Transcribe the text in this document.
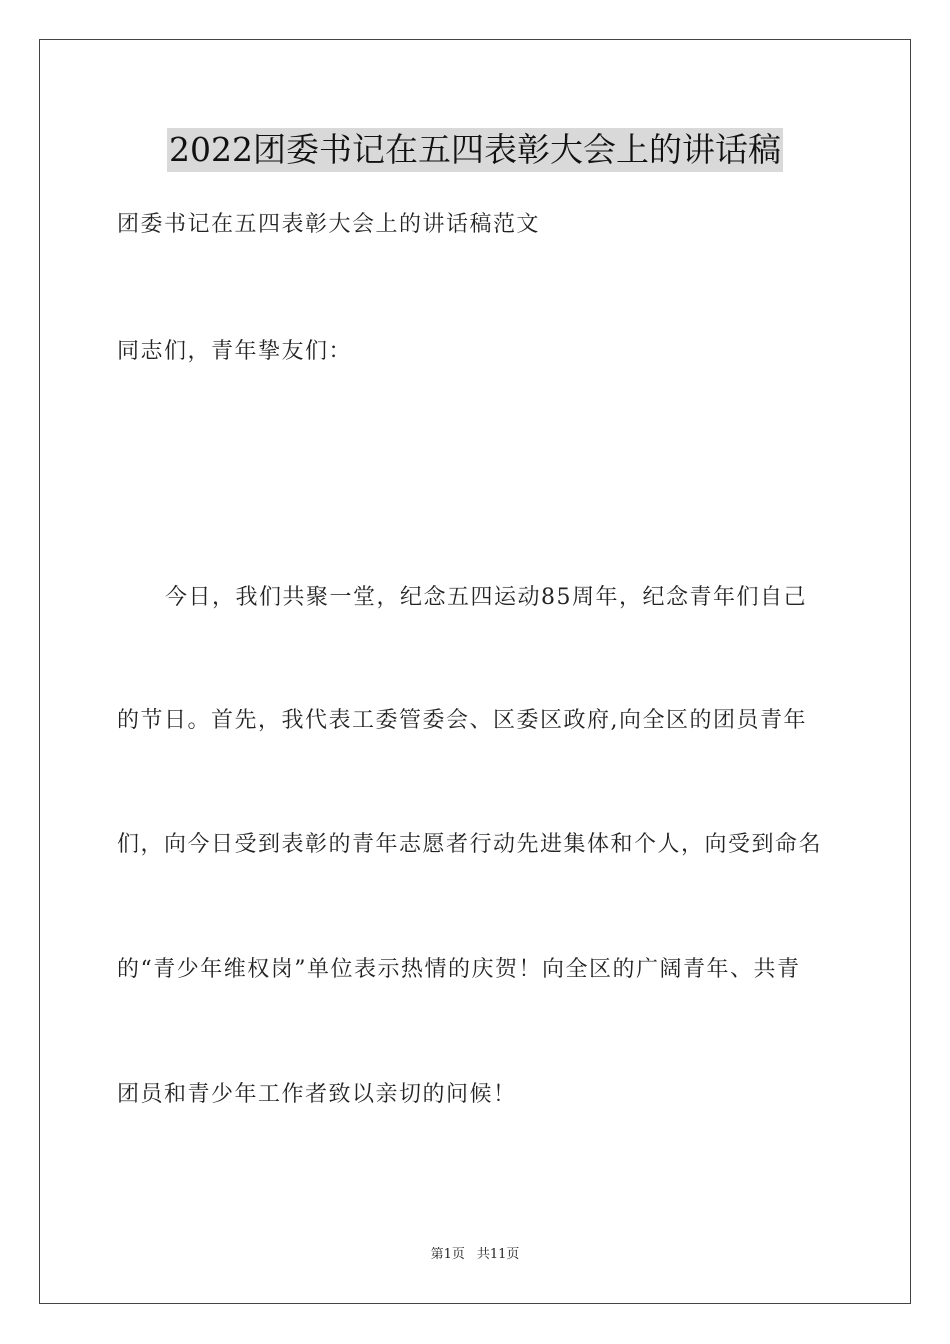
2022团委书记在五四表彰大会上的讲话稿
团委书记在五四表彰大会上的讲话稿范文
同志们，青年挚友们：
今日，我们共聚一堂，纪念五四运动85周年，纪念青年们自己
的节日。首先，我代表工委管委会、区委区政府,向全区的团员青年
们，向今日受到表彰的青年志愿者行动先进集体和个人，向受到命名
的“青少年维权岗”单位表示热情的庆贺！向全区的广阔青年、共青
团员和青少年工作者致以亲切的问候！
第1页 共11页
